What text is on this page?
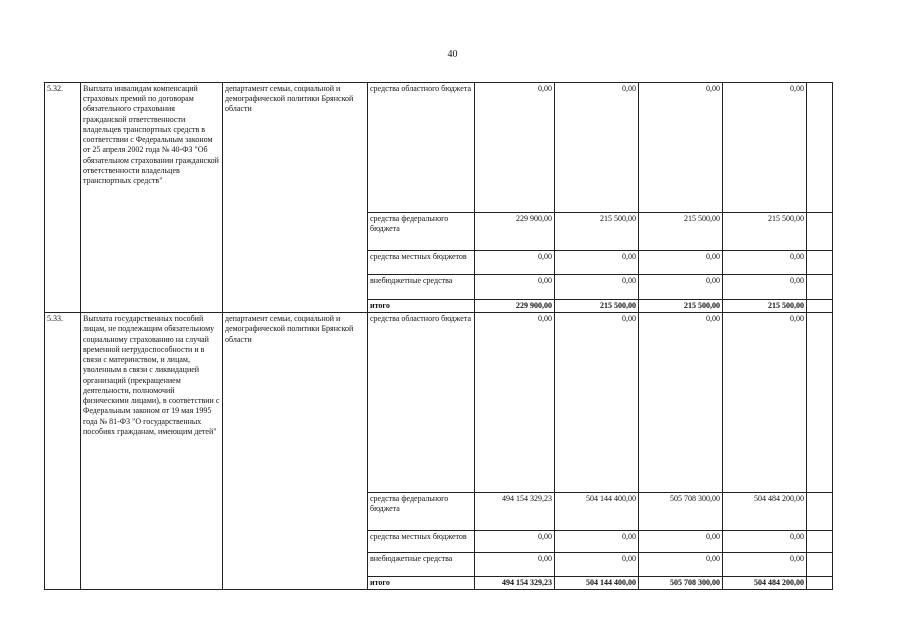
40
5.32.	Выплата инвалидам компенсаций страховых премий по договорам обязательного страхования гражданской ответственности владельцев транспортных средств в соответствии с Федеральным законом от 25 апреля 2002 года № 40-ФЗ "Об обязательном страховании гражданской ответственности владельцев транспортных средств"	департамент семьи, социальной и демографической политики Брянской области	средства областного бюджета	0,00	0,00	0,00	0,00	
			средства федерального бюджета	229 900,00	215 500,00	215 500,00	215 500,00	
			средства местных бюджетов	0,00	0,00	0,00	0,00	
			внебюджетные средства	0,00	0,00	0,00	0,00	
			итого	229 900,00	215 500,00	215 500,00	215 500,00	
5.33.	Выплата государственных пособий лицам, не подлежащим обязательному социальному страхованию на случай временной нетрудоспособности и в связи с материнством, и лицам, уволенным в связи с ликвидацией организаций (прекращением деятельности, полномочий физическими лицами), в соответствии с Федеральным законом от 19 мая 1995 года № 81-ФЗ "О государственных пособиях гражданам, имеющим детей"	департамент семьи, социальной и демографической политики Брянской области	средства областного бюджета	0,00	0,00	0,00	0,00	
			средства федерального бюджета	494 154 329,23	504 144 400,00	505 708 300,00	504 484 200,00	
			средства местных бюджетов	0,00	0,00	0,00	0,00	
			внебюджетные средства	0,00	0,00	0,00	0,00	
			итого	494 154 329,23	504 144 400,00	505 708 300,00	504 484 200,00	
